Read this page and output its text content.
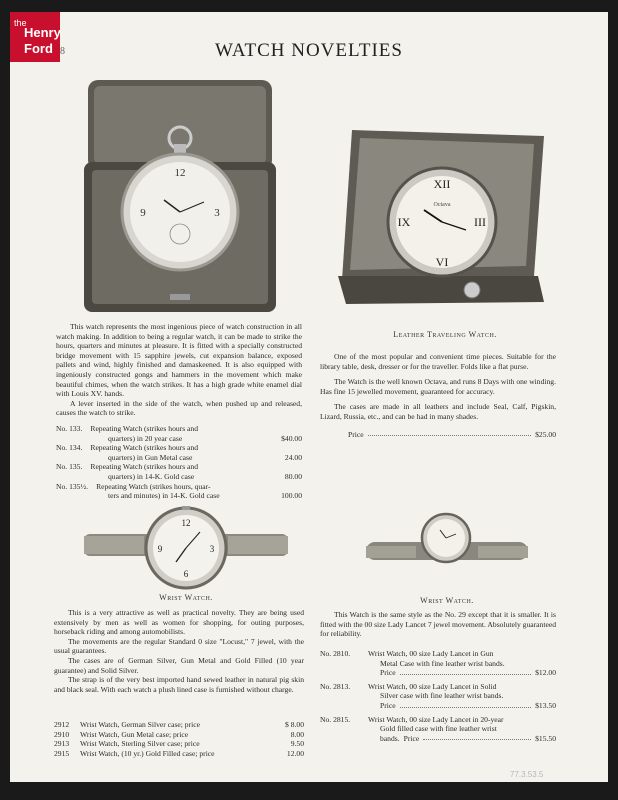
the
Henry
Ford 8	WATCH NOVELTIES
12
3
9
XII
III
VI
IX
Octava
Leather Traveling Watch.
This watch represents the most ingenious piece of watch construction in all watch making. In addition to being a regular watch, it can be made to strike the hours, quarters and minutes at pleasure. It is fitted with a specially constructed bridge movement with 15 sapphire jewels, cut expansion balance, exposed pallets and wind, highly finished and damaskeened. It is also equipped with ingeniously constructed gongs and hammers in the movement which make beautiful chimes, when the watch strikes. It has a high grade white enamel dial with Louis XV. hands.
A lever inserted in the side of the watch, when pushed up and released, causes the watch to strike.
No. 133. Repeating Watch (strikes hours and
quarters) in 20 year case	$40.00
No. 134. Repeating Watch (strikes hours and
quarters) in Gun Metal case	24.00
No. 135. Repeating Watch (strikes hours and
quarters) in 14-K. Gold case	80.00
No. 135½. Repeating Watch (strikes hours, quar-
ters and minutes) in 14-K. Gold case	100.00
One of the most popular and convenient time pieces. Suitable for the library table, desk, dresser or for the traveller. Folds like a flat purse.
The Watch is the well known Octava, and runs 8 Days with one winding. Has fine 15 jewelled movement, guaranteed for accuracy.
The cases are made in all leathers and include Seal, Calf, Pigskin, Lizard, Russia, etc., and can be had in many shades.
Price	$25.00
12
3
6
9
Wrist Watch.	Wrist Watch.
This is a very attractive as well as practical novelty. They are being used extensively by men as well as women for shopping, for outing purposes, horseback riding and among automobilists.
The movements are the regular Standard 0 size "Locust," 7 jewel, with the usual guarantees.
The cases are of German Silver, Gun Metal and Gold Filled (10 year guarantee) and Solid Silver.
The strap is of the very best imported hand sewed leather in natural pig skin and black seal. With each watch a plush lined case is furnished without charge.
2912	Wrist Watch, German Silver case; price	$ 8.00
2910	Wrist Watch, Gun Metal case; price	8.00
2913	Wrist Watch, Sterling Silver case; price	9.50
2915	Wrist Watch, (10 yr.) Gold Filled case; price	12.00
This Watch is the same style as the No. 29 except that it is smaller. It is fitted with the 00 size Lady Lancet 7 jewel movement. Absolutely guaranteed for reliability.
No. 2810.	Wrist Watch, 00 size Lady Lancet in Gun
Metal Case with fine leather wrist bands.
Price	$12.00
No. 2813.	Wrist Watch, 00 size Lady Lancet in Solid
Silver case with fine leather wrist bands.
Price	$13.50
No. 2815.	Wrist Watch, 00 size Lady Lancet in 20-year
Gold filled case with fine leather wrist
bands. Price	$15.50
77.3.53.5
